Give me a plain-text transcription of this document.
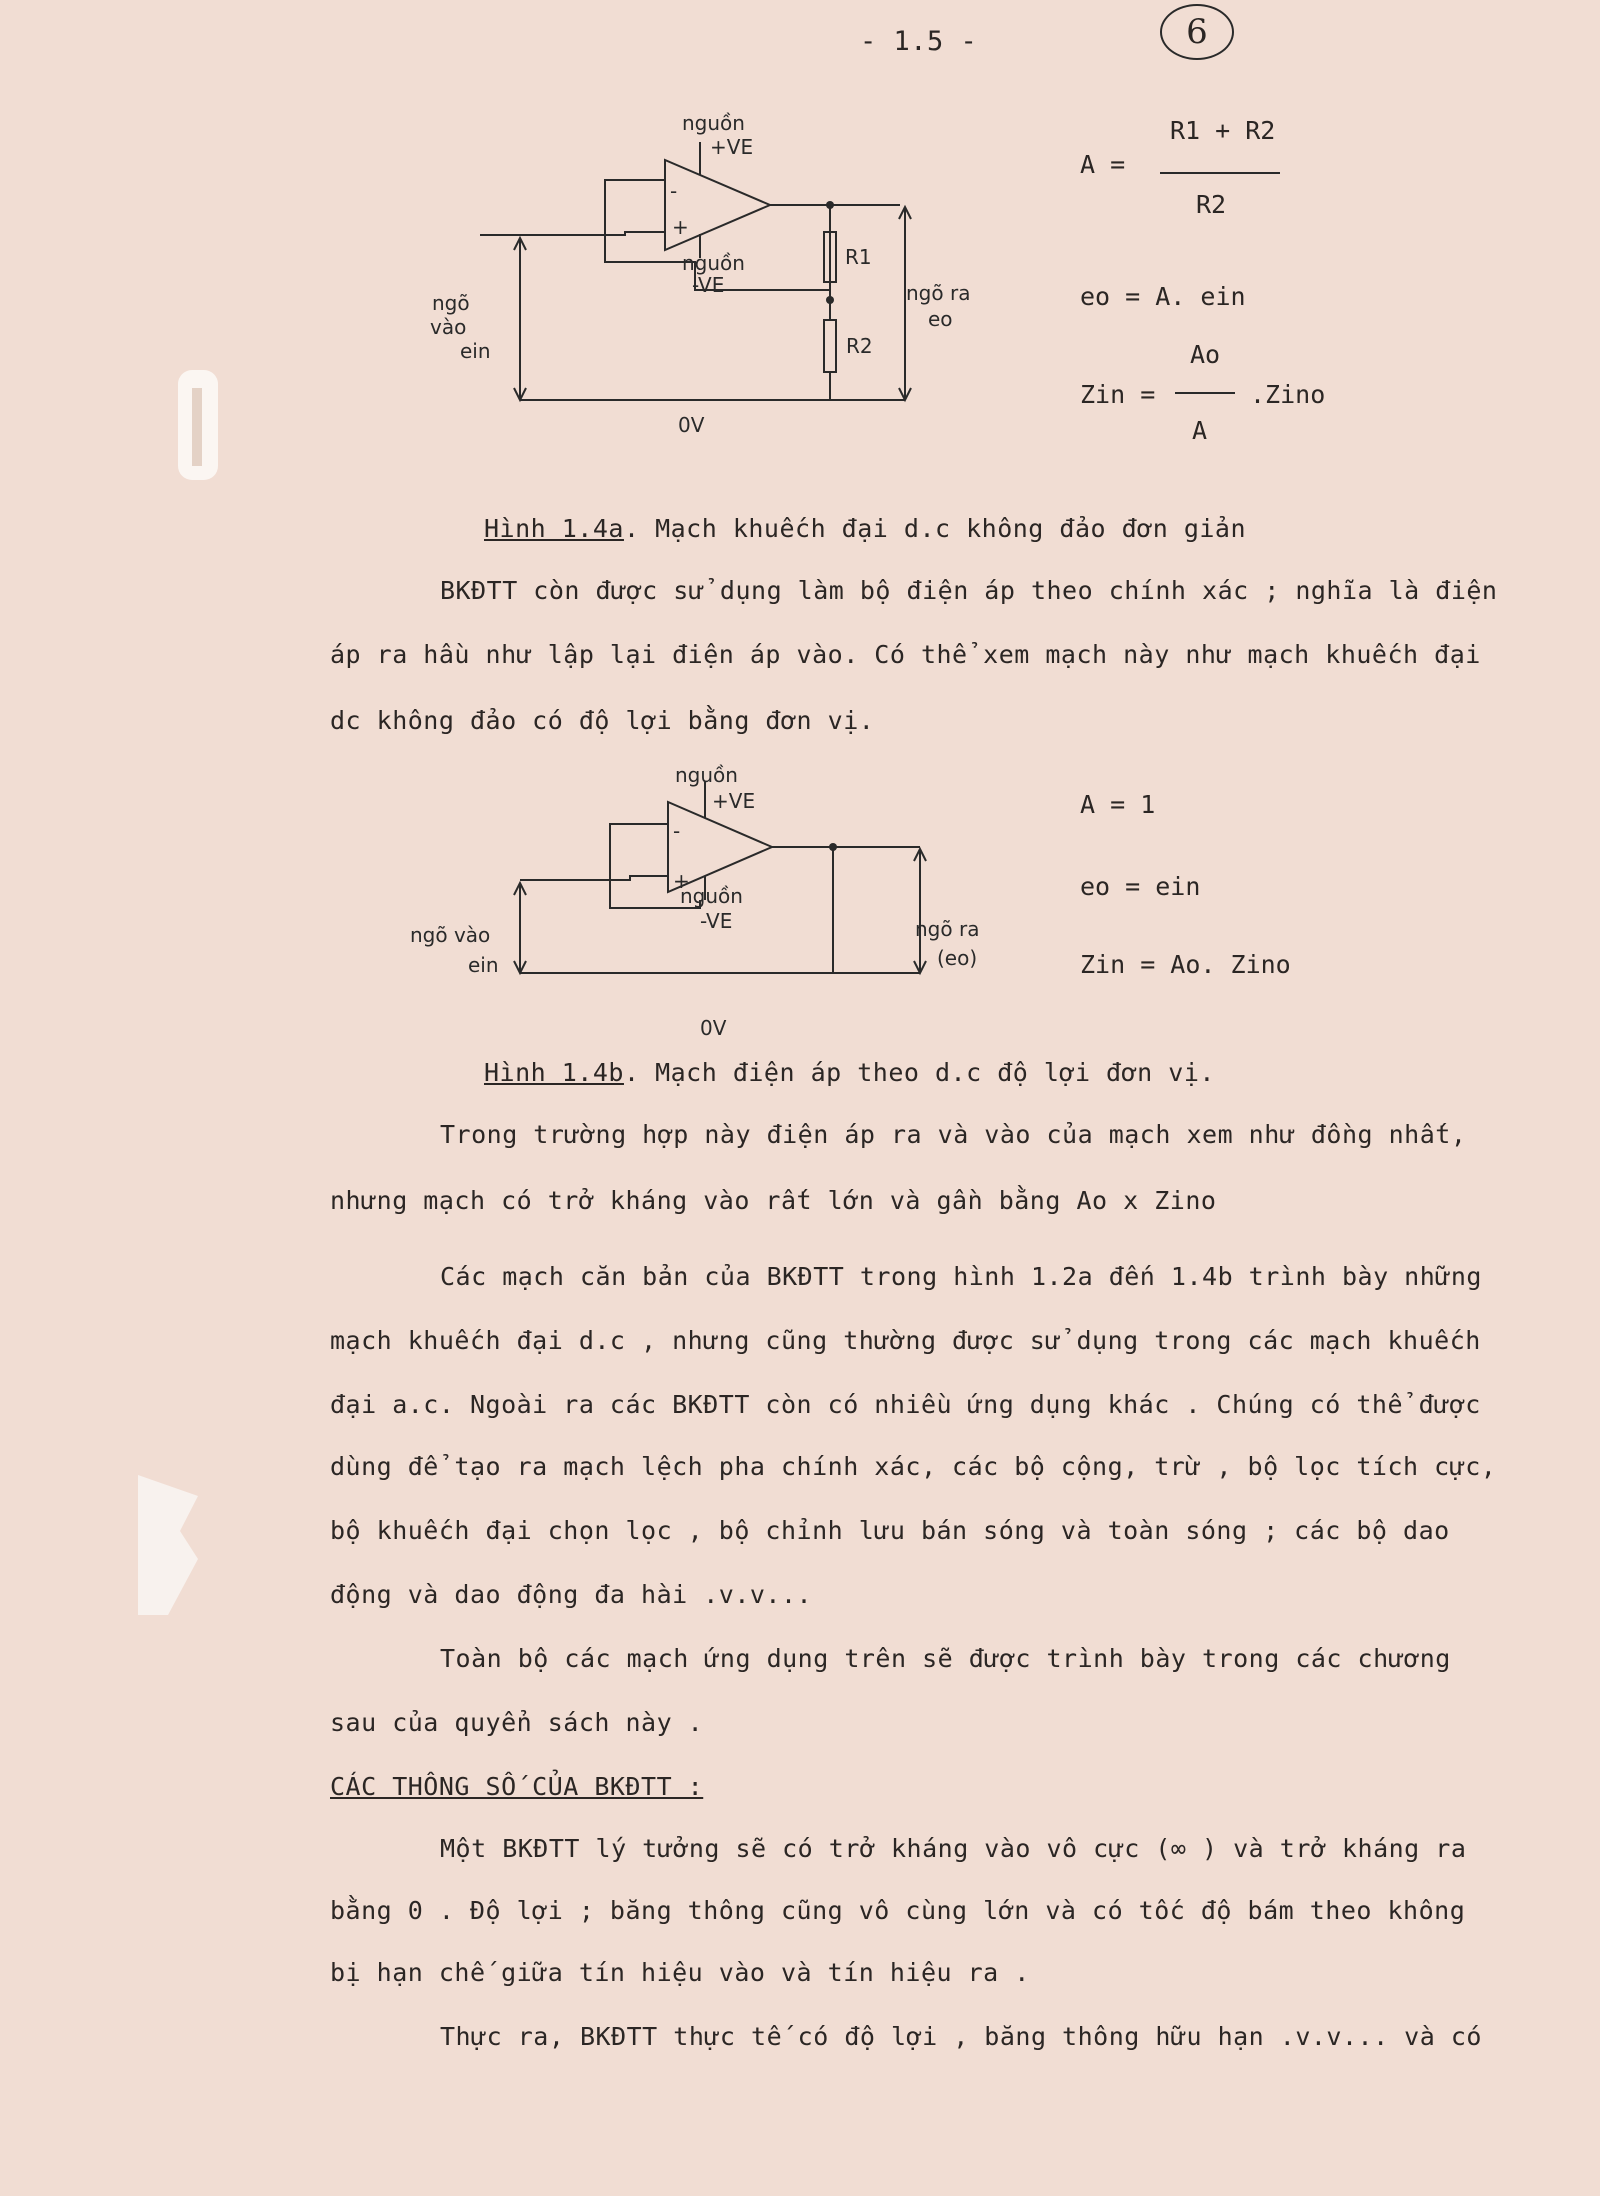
- 1.5 -	6
nguồn
+VE
-
+
nguồn
-VE
R1
R2
ngõ
vào
ein
ngõ ra
eo
0V
A =
R1 + R2
R2
eo = A. ein
Zin =
Ao
A
.Zino
Hình 1.4a. Mạch khuếch đại d.c không đảo đơn giản
BKĐTT còn được sử dụng làm bộ điện áp theo chính xác ; nghĩa là điện
áp ra hầu như lập lại điện áp vào. Có thể xem mạch này như mạch khuếch đại
dc không đảo có độ lợi bằng đơn vị.
nguồn
+VE
-
+
nguồn
-VE
ngõ vào
ein
ngõ ra
(eo)
0V
A = 1
eo = ein
Zin = Ao. Zino
Hình 1.4b. Mạch điện áp theo d.c độ lợi đơn vị.
Trong trường hợp này điện áp ra và vào của mạch xem như đồng nhất,
nhưng mạch có trở kháng vào rất lớn và gần bằng Ao x Zino
Các mạch căn bản của BKĐTT trong hình 1.2a đến 1.4b trình bày những
mạch khuếch đại d.c , nhưng cũng thường được sử dụng trong các mạch khuếch
đại a.c. Ngoài ra các BKĐTT còn có nhiều ứng dụng khác . Chúng có thể được
dùng để tạo ra mạch lệch pha chính xác, các bộ cộng, trừ , bộ lọc tích cực,
bộ khuếch đại chọn lọc , bộ chỉnh lưu bán sóng và toàn sóng ; các bộ dao
động và dao động đa hài .v.v...
Toàn bộ các mạch ứng dụng trên sẽ được trình bày trong các chương
sau của quyển sách này .
CÁC THÔNG SỐ CỦA BKĐTT :
Một BKĐTT lý tưởng sẽ có trở kháng vào vô cực (∞ ) và trở kháng ra
bằng 0 . Độ lợi ; băng thông cũng vô cùng lớn và có tốc độ bám theo không
bị hạn chế giữa tín hiệu vào và tín hiệu ra .
Thực ra, BKĐTT thực tế có độ lợi , băng thông hữu hạn .v.v... và có
